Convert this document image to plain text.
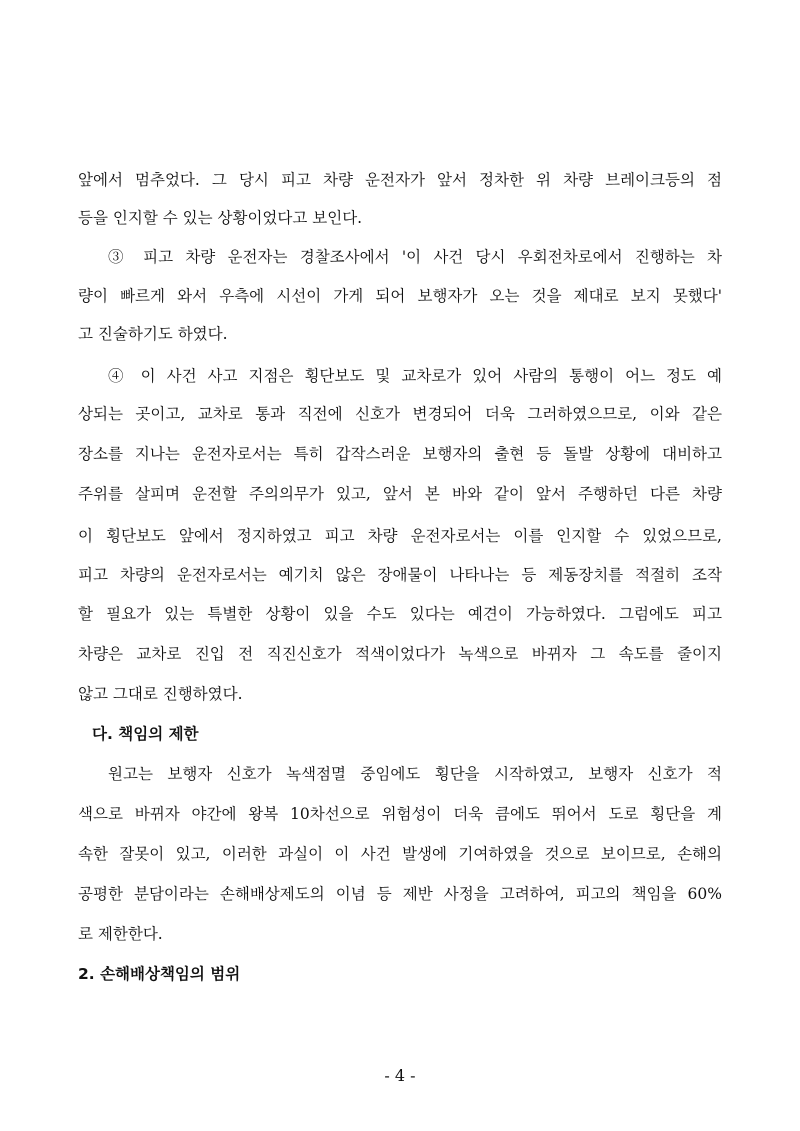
앞에서 멈추었다. 그 당시 피고 차량 운전자가 앞서 정차한 위 차량 브레이크등의 점
등을 인지할 수 있는 상황이었다고 보인다.
③ 피고 차량 운전자는 경찰조사에서 '이 사건 당시 우회전차로에서 진행하는 차
량이 빠르게 와서 우측에 시선이 가게 되어 보행자가 오는 것을 제대로 보지 못했다'
고 진술하기도 하였다.
④ 이 사건 사고 지점은 횡단보도 및 교차로가 있어 사람의 통행이 어느 정도 예
상되는 곳이고, 교차로 통과 직전에 신호가 변경되어 더욱 그러하였으므로, 이와 같은
장소를 지나는 운전자로서는 특히 갑작스러운 보행자의 출현 등 돌발 상황에 대비하고
주위를 살피며 운전할 주의의무가 있고, 앞서 본 바와 같이 앞서 주행하던 다른 차량
이 횡단보도 앞에서 정지하였고 피고 차량 운전자로서는 이를 인지할 수 있었으므로,
피고 차량의 운전자로서는 예기치 않은 장애물이 나타나는 등 제동장치를 적절히 조작
할 필요가 있는 특별한 상황이 있을 수도 있다는 예견이 가능하였다. 그럼에도 피고
차량은 교차로 진입 전 직진신호가 적색이었다가 녹색으로 바뀌자 그 속도를 줄이지
않고 그대로 진행하였다.
다. 책임의 제한
원고는 보행자 신호가 녹색점멸 중임에도 횡단을 시작하였고, 보행자 신호가 적
색으로 바뀌자 야간에 왕복 10차선으로 위험성이 더욱 큼에도 뛰어서 도로 횡단을 계
속한 잘못이 있고, 이러한 과실이 이 사건 발생에 기여하였을 것으로 보이므로, 손해의
공평한 분담이라는 손해배상제도의 이념 등 제반 사정을 고려하여, 피고의 책임을 60%
로 제한한다.
2. 손해배상책임의 범위
- 4 -
